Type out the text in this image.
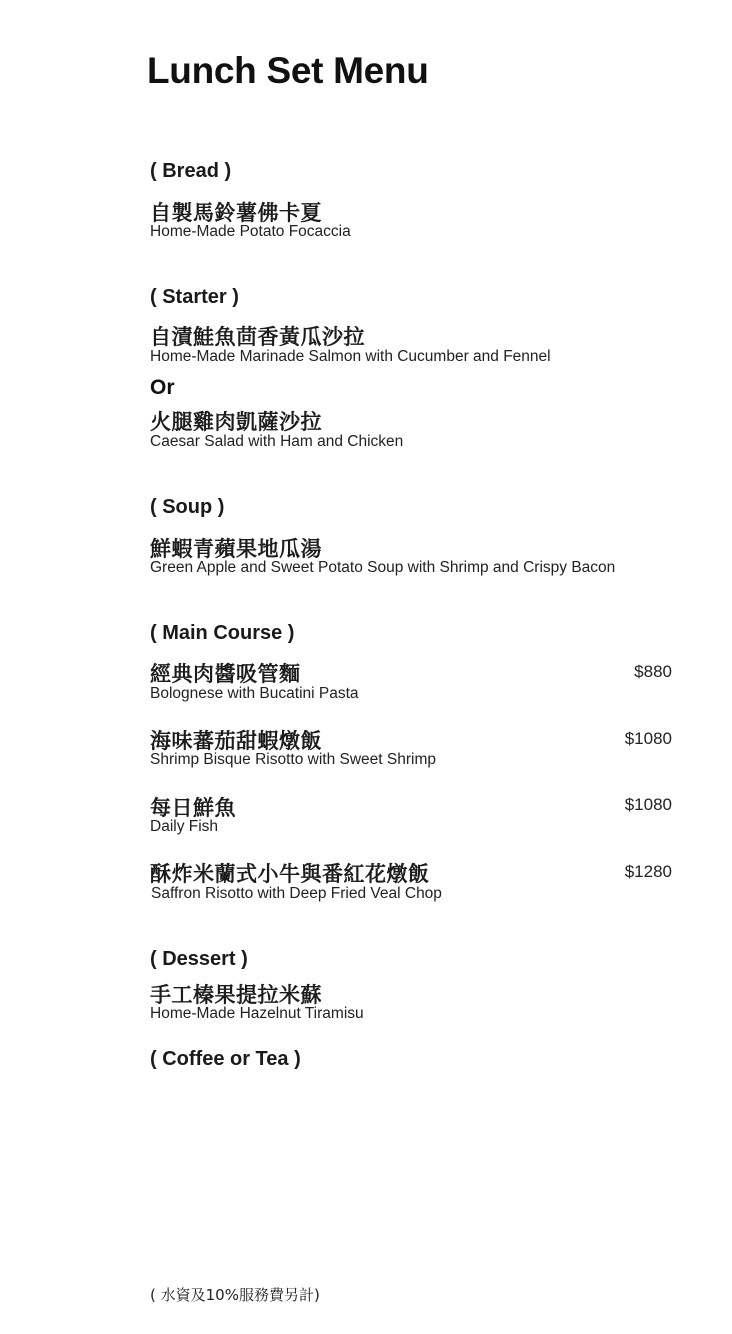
Lunch Set Menu
( Bread )
自製馬鈴薯佛卡夏
Home-Made Potato Focaccia
( Starter )
自漬鮭魚茴香黃瓜沙拉
Home-Made Marinade Salmon with Cucumber and Fennel
Or
火腿雞肉凱薩沙拉
Caesar Salad with Ham and Chicken
( Soup )
鮮蝦青蘋果地瓜湯
Green Apple and Sweet Potato Soup with Shrimp and Crispy Bacon
( Main Course )
經典肉醬吸管麵	$880
Bolognese with Bucatini Pasta
海味蕃茄甜蝦燉飯	$1080
Shrimp Bisque Risotto with Sweet Shrimp
每日鮮魚	$1080
Daily Fish
酥炸米蘭式小牛與番紅花燉飯	$1280
Saffron Risotto with Deep Fried Veal Chop
( Dessert )
手工榛果提拉米蘇
Home-Made Hazelnut Tiramisu
( Coffee or Tea )
( 水資及10%服務費另計)
